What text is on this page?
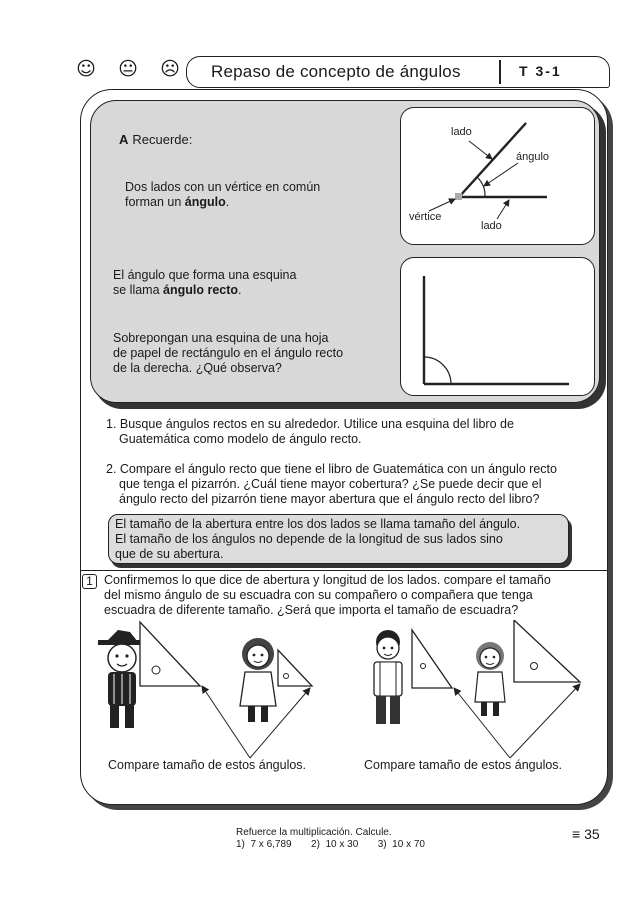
☺ 😐 ☹ Repaso de concepto de ángulos	T 3-1
A Recuerde:
Dos lados con un vértice en común
forman un ángulo.
El ángulo que forma una esquina
se llama ángulo recto.
Sobrepongan una esquina de una hoja
de papel de rectángulo en el ángulo recto
de la derecha. ¿Qué observa?
lado
ángulo
vértice
lado
1. Busque ángulos rectos en su alrededor. Utilice una esquina del libro de
Guatemática como modelo de ángulo recto.
2. Compare el ángulo recto que tiene el libro de Guatemática con un ángulo recto
que tenga el pizarrón. ¿Cuál tiene mayor cobertura? ¿Se puede decir que el
ángulo recto del pizarrón tiene mayor abertura que el ángulo recto del libro?
El tamaño de la abertura entre los dos lados se llama tamaño del ángulo.
El tamaño de los ángulos no depende de la longitud de sus lados sino
que de su abertura.
1 Confirmemos lo que dice de abertura y longitud de los lados. compare el tamaño
del mismo ángulo de su escuadra con su compañero o compañera que tenga
escuadra de diferente tamaño. ¿Será que importa el tamaño de escuadra?
Compare tamaño de estos ángulos.	Compare tamaño de estos ángulos.
Refuerce la multiplicación. Calcule.
1)  7 x 6,789       2)  10 x 30       3)  10 x 70
≡ 35
